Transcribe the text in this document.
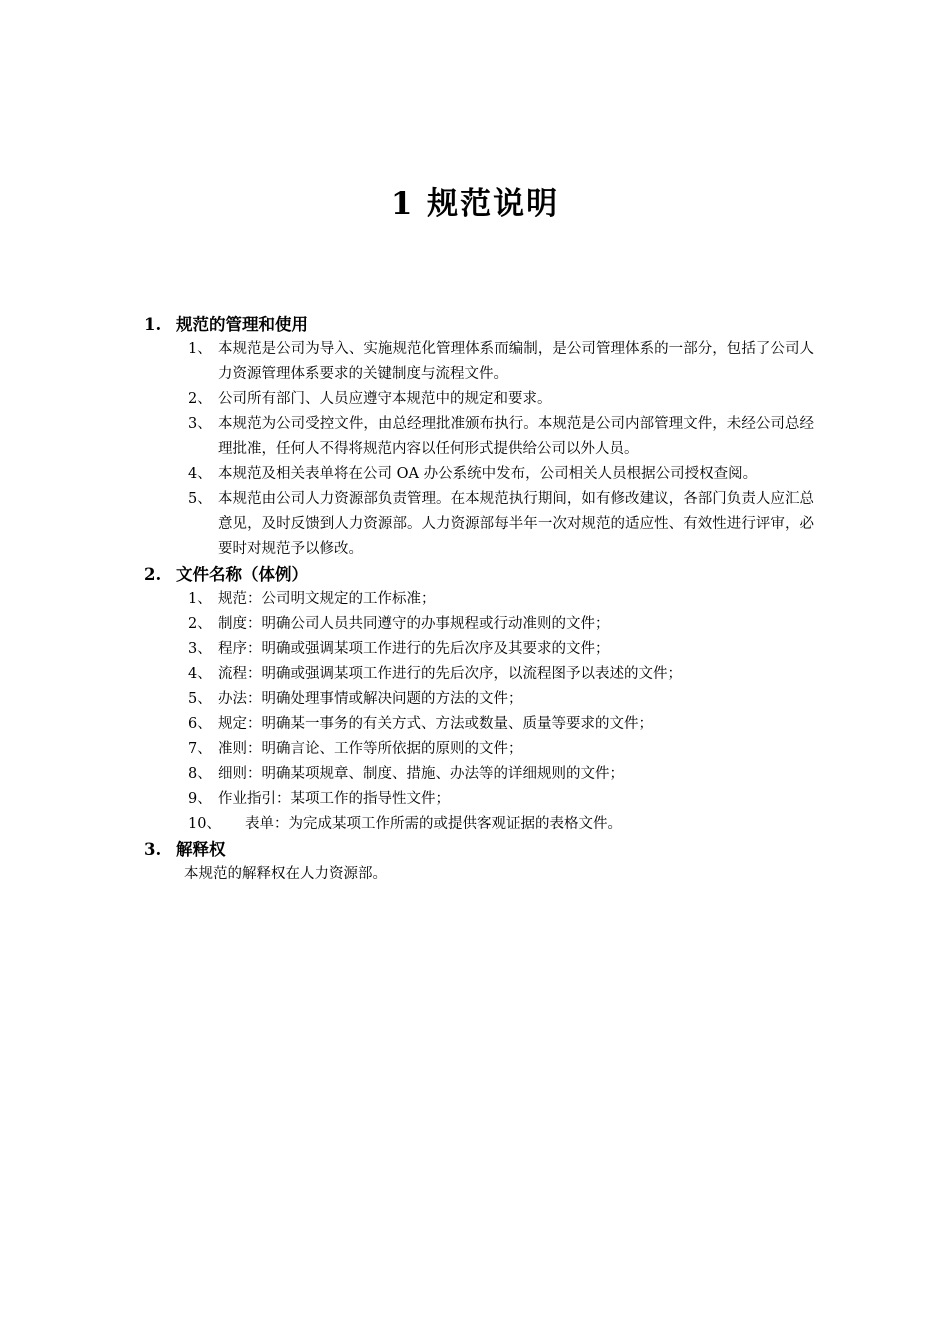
1 规范说明
1. 规范的管理和使用
1、 本规范是公司为导入、实施规范化管理体系而编制，是公司管理体系的一部分，包括了公司人力资源管理体系要求的关键制度与流程文件。
2、 公司所有部门、人员应遵守本规范中的规定和要求。
3、 本规范为公司受控文件，由总经理批准颁布执行。本规范是公司内部管理文件，未经公司总经理批准，任何人不得将规范内容以任何形式提供给公司以外人员。
4、 本规范及相关表单将在公司 OA 办公系统中发布，公司相关人员根据公司授权查阅。
5、 本规范由公司人力资源部负责管理。在本规范执行期间，如有修改建议，各部门负责人应汇总意见，及时反馈到人力资源部。人力资源部每半年一次对规范的适应性、有效性进行评审，必要时对规范予以修改。
2. 文件名称（体例）
1、 规范：公司明文规定的工作标准；
2、 制度：明确公司人员共同遵守的办事规程或行动准则的文件；
3、 程序：明确或强调某项工作进行的先后次序及其要求的文件；
4、 流程：明确或强调某项工作进行的先后次序，以流程图予以表述的文件；
5、 办法：明确处理事情或解决问题的方法的文件；
6、 规定：明确某一事务的有关方式、方法或数量、质量等要求的文件；
7、 准则：明确言论、工作等所依据的原则的文件；
8、 细则：明确某项规章、制度、措施、办法等的详细规则的文件；
9、 作业指引：某项工作的指导性文件；
10、	表单：为完成某项工作所需的或提供客观证据的表格文件。
3. 解释权
本规范的解释权在人力资源部。
